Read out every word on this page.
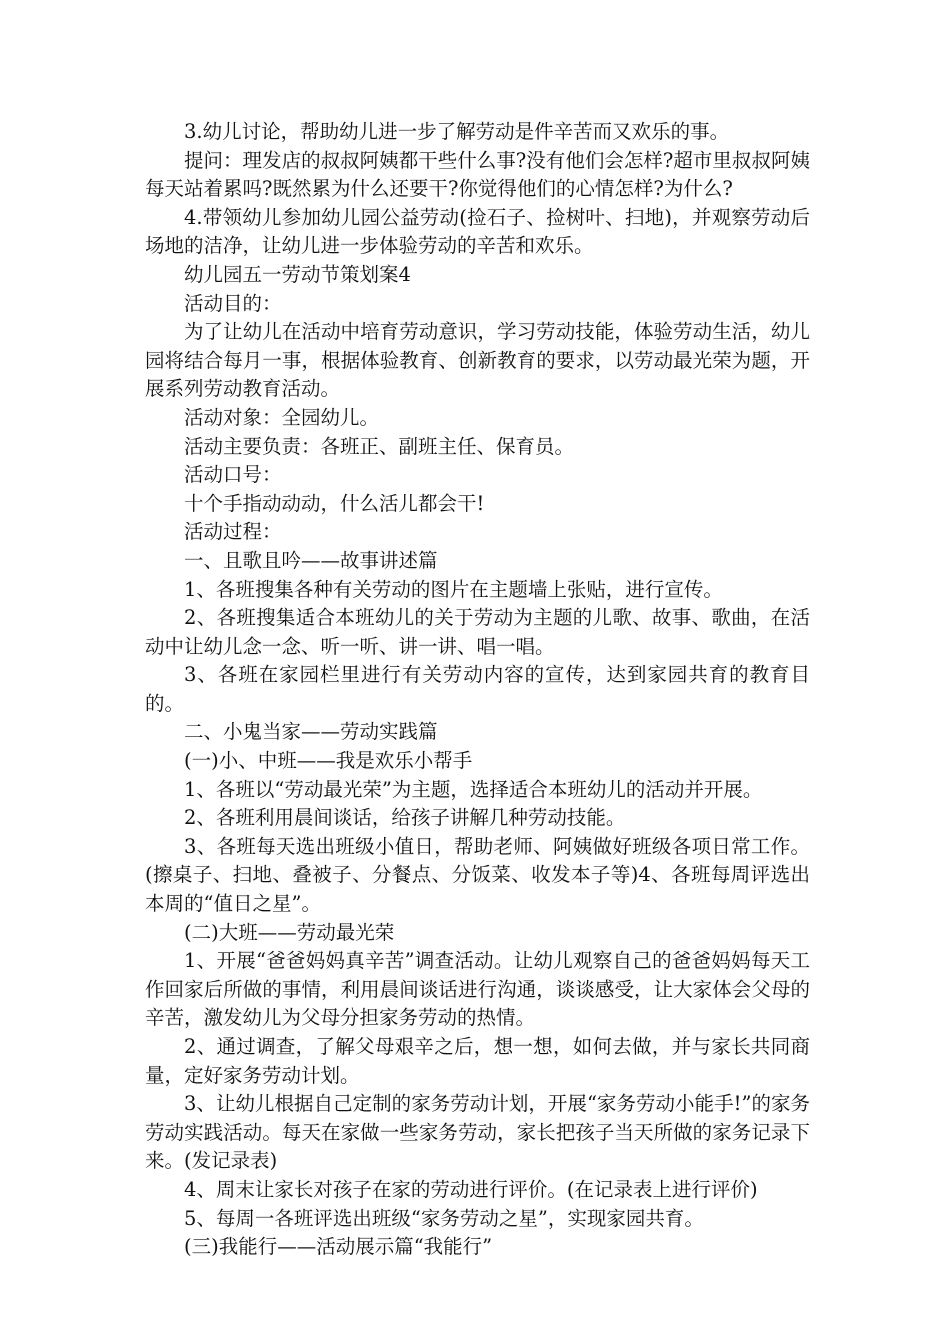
3.幼儿讨论，帮助幼儿进一步了解劳动是件辛苦而又欢乐的事。

提问：理发店的叔叔阿姨都干些什么事?没有他们会怎样?超市里叔叔阿姨每天站着累吗?既然累为什么还要干?你觉得他们的心情怎样?为什么?

4.带领幼儿参加幼儿园公益劳动(捡石子、捡树叶、扫地)，并观察劳动后场地的洁净，让幼儿进一步体验劳动的辛苦和欢乐。

幼儿园五一劳动节策划案4

活动目的：

为了让幼儿在活动中培育劳动意识，学习劳动技能，体验劳动生活，幼儿园将结合每月一事，根据体验教育、创新教育的要求，以劳动最光荣为题，开展系列劳动教育活动。

活动对象：全园幼儿。

活动主要负责：各班正、副班主任、保育员。

活动口号：

十个手指动动动，什么活儿都会干!

活动过程：

一、且歌且吟——故事讲述篇

1、各班搜集各种有关劳动的图片在主题墙上张贴，进行宣传。

2、各班搜集适合本班幼儿的关于劳动为主题的儿歌、故事、歌曲，在活动中让幼儿念一念、听一听、讲一讲、唱一唱。

3、各班在家园栏里进行有关劳动内容的宣传，达到家园共育的教育目的。

二、小鬼当家——劳动实践篇

(一)小、中班——我是欢乐小帮手

1、各班以“劳动最光荣”为主题，选择适合本班幼儿的活动并开展。

2、各班利用晨间谈话，给孩子讲解几种劳动技能。

3、各班每天选出班级小值日，帮助老师、阿姨做好班级各项日常工作。(擦桌子、扫地、叠被子、分餐点、分饭菜、收发本子等)4、各班每周评选出本周的“值日之星”。

(二)大班——劳动最光荣

1、开展“爸爸妈妈真辛苦”调查活动。让幼儿观察自己的爸爸妈妈每天工作回家后所做的事情，利用晨间谈话进行沟通，谈谈感受，让大家体会父母的辛苦，激发幼儿为父母分担家务劳动的热情。

2、通过调查，了解父母艰辛之后，想一想，如何去做，并与家长共同商量，定好家务劳动计划。

3、让幼儿根据自己定制的家务劳动计划，开展“家务劳动小能手!”的家务劳动实践活动。每天在家做一些家务劳动，家长把孩子当天所做的家务记录下来。(发记录表)

4、周末让家长对孩子在家的劳动进行评价。(在记录表上进行评价)

5、每周一各班评选出班级“家务劳动之星”，实现家园共育。

(三)我能行——活动展示篇“我能行”
